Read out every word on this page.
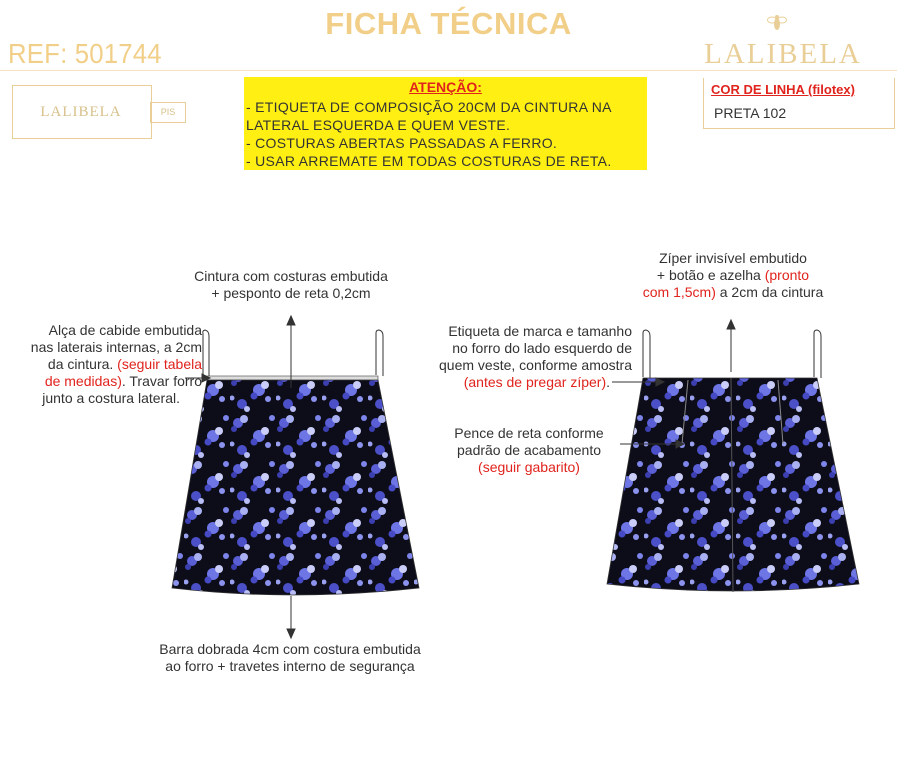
FICHA TÉCNICA
REF: 501744	LALIBELA
LALIBELA	PIS
ATENÇÃO:
- ETIQUETA DE COMPOSIÇÃO 20CM DA CINTURA NA
LATERAL ESQUERDA E QUEM VESTE.
- COSTURAS ABERTAS PASSADAS A FERRO.
- USAR ARREMATE EM TODAS COSTURAS DE RETA.
COR DE LINHA (filotex)
PRETA 102
Cintura com costuras embutida
+ pesponto de reta 0,2cm
Alça de cabide embutida
nas laterais internas, a 2cm
da cintura. (seguir tabela
de medidas). Travar forro
junto a costura lateral.
Barra dobrada 4cm com costura embutida
ao forro + travetes interno de segurança
Zíper invisível embutido
+ botão e azelha (pronto
com 1,5cm) a 2cm da cintura
Etiqueta de marca e tamanho
no forro do lado esquerdo de
quem veste, conforme amostra
(antes de pregar zíper).
Pence de reta conforme
padrão de acabamento
(seguir gabarito)
